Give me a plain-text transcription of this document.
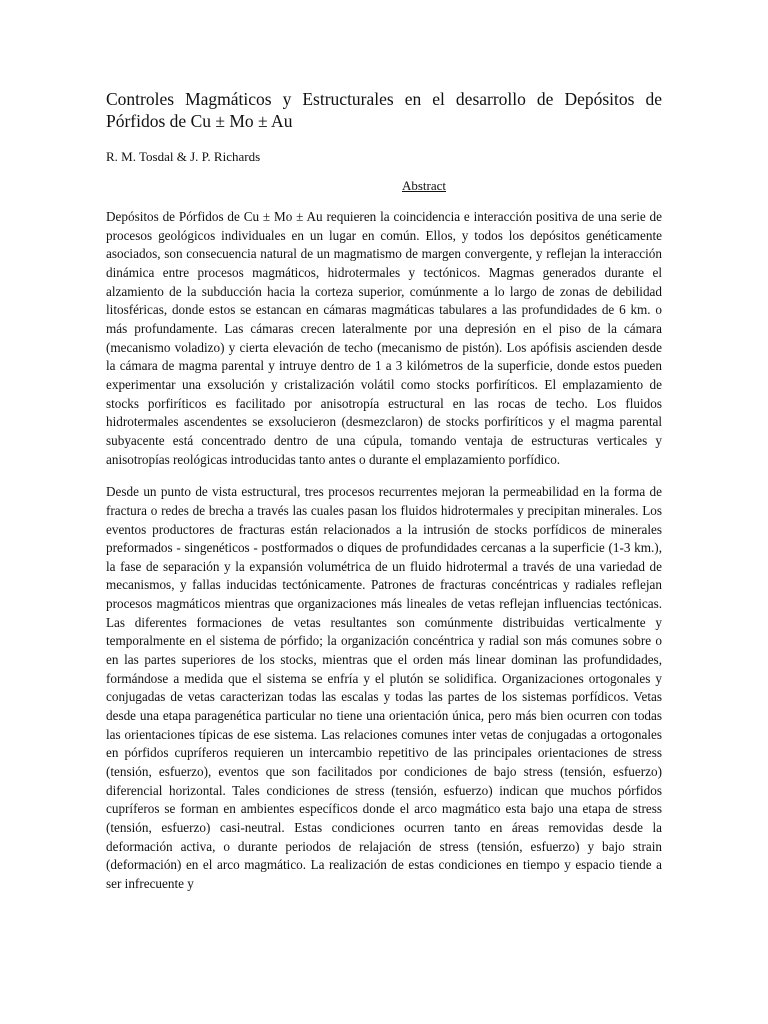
Controles Magmáticos y Estructurales en el desarrollo de Depósitos de Pórfidos de Cu ± Mo ± Au
R. M. Tosdal & J. P. Richards
Abstract

Depósitos de Pórfidos de Cu ± Mo ± Au requieren la coincidencia e interacción positiva de una serie de procesos geológicos individuales en un lugar en común. Ellos, y todos los depósitos genéticamente asociados, son consecuencia natural de un magmatismo de margen convergente, y reflejan la interacción dinámica entre procesos magmáticos, hidrotermales y tectónicos. Magmas generados durante el alzamiento de la subducción hacia la corteza superior, comúnmente a lo largo de zonas de debilidad litosféricas, donde estos se estancan en cámaras magmáticas tabulares a las profundidades de 6 km. o más profundamente. Las cámaras crecen lateralmente por una depresión en el piso de la cámara (mecanismo voladizo) y cierta elevación de techo (mecanismo de pistón). Los apófisis ascienden desde la cámara de magma parental y intruye dentro de 1 a 3 kilómetros de la superficie, donde estos pueden experimentar una exsolución y cristalización volátil como stocks porfiríticos. El emplazamiento de stocks porfiríticos es facilitado por anisotropía estructural en las rocas de techo. Los fluidos hidrotermales ascendentes se exsolucieron (desmezclaron) de stocks porfiríticos y el magma parental subyacente está concentrado dentro de una cúpula, tomando ventaja de estructuras verticales y anisotropías reológicas introducidas tanto antes o durante el emplazamiento porfídico.

Desde un punto de vista estructural, tres procesos recurrentes mejoran la permeabilidad en la forma de fractura o redes de brecha a través las cuales pasan los fluidos hidrotermales y precipitan minerales. Los eventos productores de fracturas están relacionados a la intrusión de stocks porfídicos de minerales preformados - singenéticos - postformados o diques de profundidades cercanas a la superficie (1-3 km.), la fase de separación y la expansión volumétrica de un fluido hidrotermal a través de una variedad de mecanismos, y fallas inducidas tectónicamente. Patrones de fracturas concéntricas y radiales reflejan procesos magmáticos mientras que organizaciones más lineales de vetas reflejan influencias tectónicas. Las diferentes formaciones de vetas resultantes son comúnmente distribuidas verticalmente y temporalmente en el sistema de pórfido; la organización concéntrica y radial son más comunes sobre o en las partes superiores de los stocks, mientras que el orden más linear dominan las profundidades, formándose a medida que el sistema se enfría y el plutón se solidifica. Organizaciones ortogonales y conjugadas de vetas caracterizan todas las escalas y todas las partes de los sistemas porfídicos. Vetas desde una etapa paragenética particular no tiene una orientación única, pero más bien ocurren con todas las orientaciones típicas de ese sistema. Las relaciones comunes inter vetas de conjugadas a ortogonales en pórfidos cupríferos requieren un intercambio repetitivo de las principales orientaciones de stress (tensión, esfuerzo), eventos que son facilitados por condiciones de bajo stress (tensión, esfuerzo) diferencial horizontal. Tales condiciones de stress (tensión, esfuerzo) indican que muchos pórfidos cupríferos se forman en ambientes específicos donde el arco magmático esta bajo una etapa de stress (tensión, esfuerzo) casi-neutral. Estas condiciones ocurren tanto en áreas removidas desde la deformación activa, o durante periodos de relajación de stress (tensión, esfuerzo) y bajo strain (deformación) en el arco magmático. La realización de estas condiciones en tiempo y espacio tiende a ser infrecuente y
